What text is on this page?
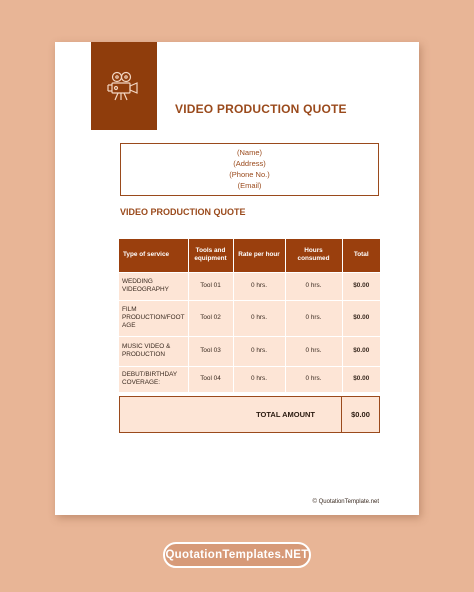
VIDEO PRODUCTION QUOTE
(Name)
(Address)
(Phone No.)
(Email)
VIDEO PRODUCTION QUOTE
Type of service	Tools and equipment	Rate per hour	Hours consumed	Total
WEDDING VIDEOGRAPHY	Tool 01	0 hrs.	0 hrs.	$0.00
FILM PRODUCTION/FOOT AGE	Tool 02	0 hrs.	0 hrs.	$0.00
MUSIC VIDEO & PRODUCTION	Tool 03	0 hrs.	0 hrs.	$0.00
DEBUT/BIRTHDAY COVERAGE:	Tool 04	0 hrs.	0 hrs.	$0.00
TOTAL AMOUNT	$0.00
© QuotationTemplate.net
QuotationTemplates.NET
